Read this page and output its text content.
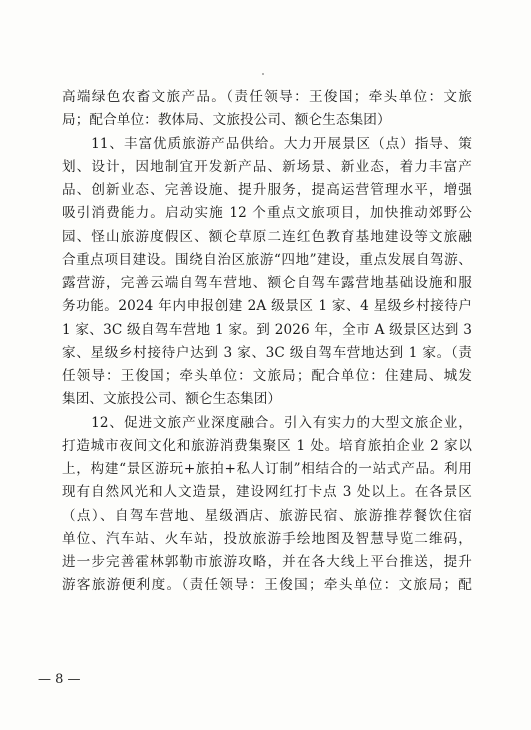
高端绿色农畜文旅产品。（责任领导：王俊国；牵头单位：文旅
局；配合单位：教体局、文旅投公司、额仑生态集团）
　　11、丰富优质旅游产品供给。大力开展景区（点）指导、策
划、设计，因地制宜开发新产品、新场景、新业态，着力丰富产
品、创新业态、完善设施、提升服务，提高运营管理水平，增强
吸引消费能力。启动实施 12 个重点文旅项目，加快推动郊野公
园、怪山旅游度假区、额仑草原二连红色教育基地建设等文旅融
合重点项目建设。围绕自治区旅游“四地”建设，重点发展自驾游、
露营游，完善云端自驾车营地、额仑自驾车露营地基础设施和服
务功能。2024 年内申报创建 2A 级景区 1 家、4 星级乡村接待户
1 家、3C 级自驾车营地 1 家。到 2026 年，全市 A 级景区达到 3
家、星级乡村接待户达到 3 家、3C 级自驾车营地达到 1 家。（责
任领导：王俊国；牵头单位：文旅局；配合单位：住建局、城发
集团、文旅投公司、额仑生态集团）
　　12、促进文旅产业深度融合。引入有实力的大型文旅企业，
打造城市夜间文化和旅游消费集聚区 1 处。培育旅拍企业 2 家以
上，构建“景区游玩+旅拍+私人订制”相结合的一站式产品。利用
现有自然风光和人文造景，建设网红打卡点 3 处以上。在各景区
（点）、自驾车营地、星级酒店、旅游民宿、旅游推荐餐饮住宿
单位、汽车站、火车站，投放旅游手绘地图及智慧导览二维码，
进一步完善霍林郭勒市旅游攻略，并在各大线上平台推送，提升
游客旅游便利度。（责任领导：王俊国；牵头单位：文旅局；配
— 8 —
